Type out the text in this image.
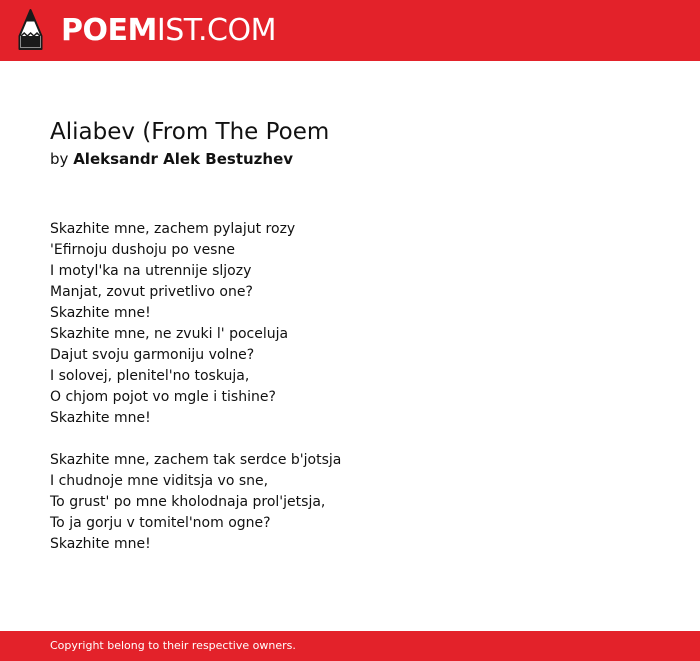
POEMIST.COM
Aliabev (From The Poem
by Aleksandr Alek Bestuzhev
Skazhite mne, zachem pylajut rozy
'Efirnoju dushoju po vesne
I motyl'ka na utrennije sljozy
Manjat, zovut privetlivo one?
Skazhite mne!
Skazhite mne, ne zvuki l' poceluja
Dajut svoju garmoniju volne?
I solovej, plenitel'no toskuja,
O chjom pojot vo mgle i tishine?
Skazhite mne!
Skazhite mne, zachem tak serdce b'jotsja
I chudnoje mne viditsja vo sne,
To grust' po mne kholodnaja prol'jetsja,
To ja gorju v tomitel'nom ogne?
Skazhite mne!
Copyright belong to their respective owners.
